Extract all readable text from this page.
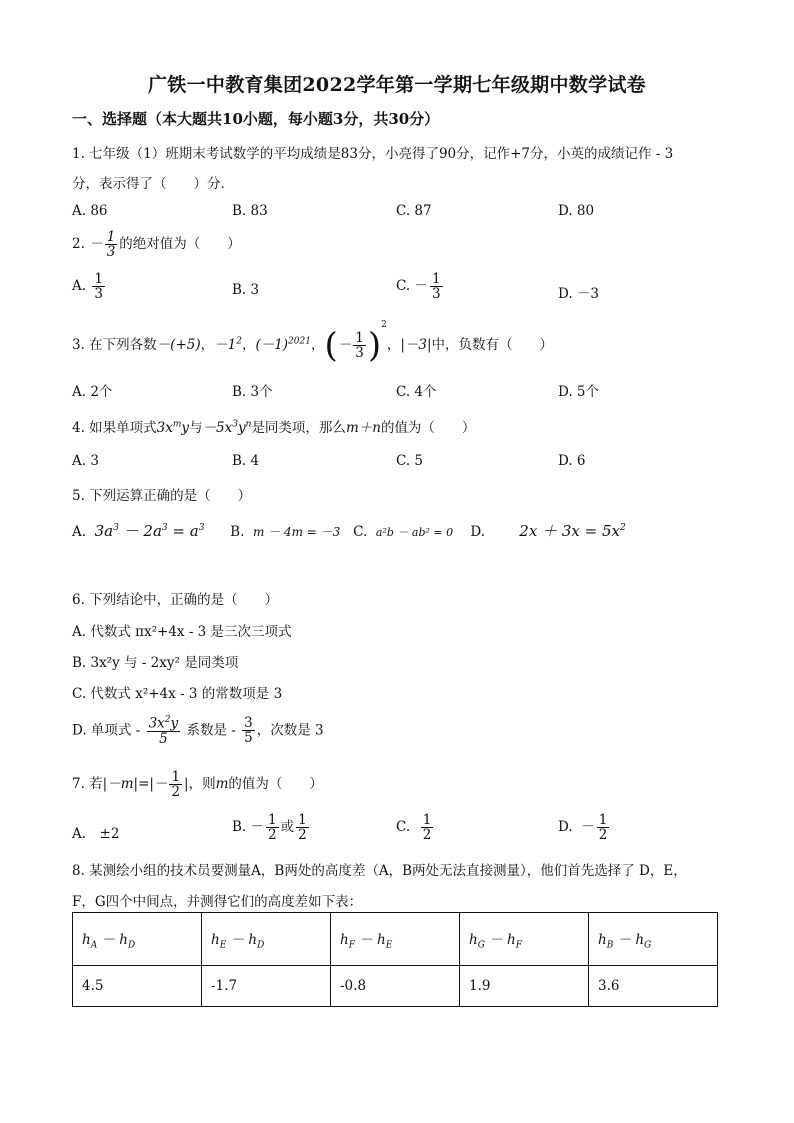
广铁一中教育集团2022学年第一学期七年级期中数学试卷
一、选择题（本大题共10小题，每小题3分，共30分）
1. 七年级（1）班期末考试数学的平均成绩是83分，小亮得了90分，记作+7分，小英的成绩记作 - 3
分，表示得了（　　）分．
A. 86	B. 83	C. 87	D. 80
2. － $\frac{1}{3}$ 的绝对值为（　　）
A. $\frac{1}{3}$	B. 3	C. － $\frac{1}{3}$	D. －3
3. 在下列各数－(+5)，$-1^2$，$(-1)^{2021}$，(－ $\frac{1}{3} )^2$，|－3|中，负数有（　　）
A. 2个	B. 3个	C. 4个	D. 5个
4. 如果单项式$3x^my$与$-5x^3y^n$是同类项，那么m＋n的值为（　　）
A. 3	B. 4	C. 5	D. 6
5. 下列运算正确的是（　　）
A.  $3a^3 - 2a^3 = a^3$      B.  m － 4m = －3   C.  a²b － ab² = 0    D.        $2x + 3x = 5x^2$
6. 下列结论中，正确的是（　　）
A. 代数式 πx²+4x - 3 是三次三项式
B. 3x²y 与 - 2xy² 是同类项
C. 代数式 x²+4x - 3 的常数项是 3
D. 单项式 - $\frac{3x^2y}{5}$ 系数是 - $\frac{3}{5}$ ，次数是 3
7. 若$|-m|=|- \frac{1}{2}$ |，则m的值为（　　）
A.　±2	B. － $\frac{1}{2}$ 或 $\frac{1}{2}$	C. $\frac{1}{2}$	D.  － $\frac{1}{2}$
8. 某测绘小组的技术员要测量A，B两处的高度差（A，B两处无法直接测量），他们首先选择了 D，E，
F，G四个中间点，并测得它们的高度差如下表：
$h_A - h_D$	$h_E - h_D$	$h_F - h_E$	$h_G - h_F$	$h_B - h_G$
4.5	-1.7	-0.8	1.9	3.6
